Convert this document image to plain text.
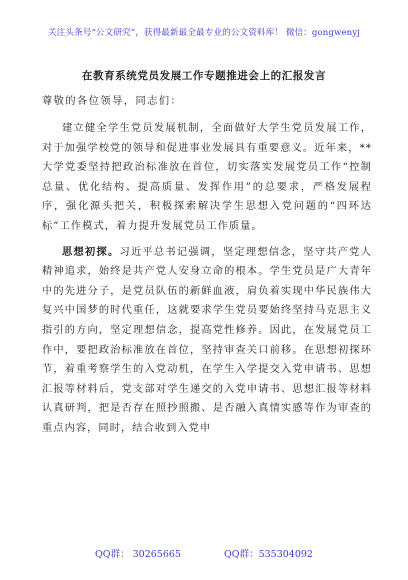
关注头条号“公文研究”，获得最新最全最专业的公文资料库！ 微信：gongwenyj
在教育系统党员发展工作专题推进会上的汇报发言

尊敬的各位领导，同志们：

建立健全学生党员发展机制，全面做好大学生党员发展工作，对于加强学校党的领导和促进事业发展具有重要意义。近年来，**大学党委坚持把政治标准放在首位，切实落实发展党员工作“控制总量、优化结构、提高质量、发挥作用”的总要求，严格发展程序，强化源头把关，积极探索解决学生思想入党问题的“四环达标”工作模式，着力提升发展党员工作质量。

思想初探。习近平总书记强调，坚定理想信念，坚守共产党人精神追求，始终是共产党人安身立命的根本。学生党员是广大青年中的先进分子，是党员队伍的新鲜血液，肩负着实现中华民族伟大复兴中国梦的时代重任，这就要求学生党员要始终坚持马克思主义指引的方向，坚定理想信念，提高党性修养。因此，在发展党员工作中，要把政治标准放在首位，坚持审查关口前移。在思想初探环节，着重考察学生的入党动机，在学生入学提交入党申请书、思想汇报等材料后，党支部对学生递交的入党申请书、思想汇报等材料认真研判，把是否存在照抄照搬、是否融入真情实感等作为审查的重点内容，同时，结合收到入党申

QQ群： 30265665	QQ群：535304092
